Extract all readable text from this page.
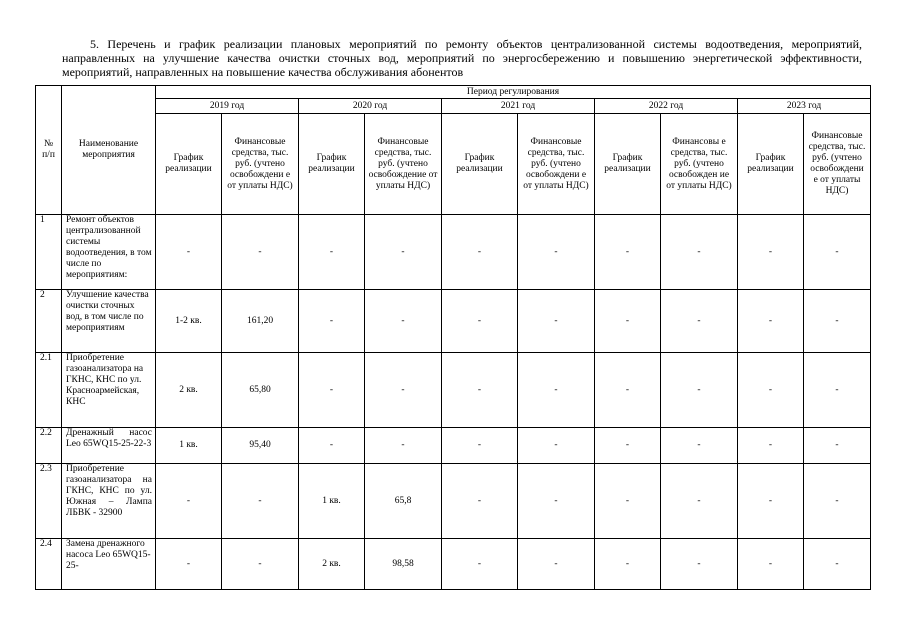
5. Перечень и график реализации плановых мероприятий по ремонту объектов централизованной системы водоотведения, мероприятий, направленных на улучшение качества очистки сточных вод, мероприятий по энергосбережению и повышению энергетической эффективности, мероприятий, направленных на повышение качества обслуживания абонентов
№ п/п	Наименование мероприятия	Период регулирования									
		2019 год		2020 год		2021 год		2022 год		2023 год	
		График реализации	Финансовые средства, тыс. руб. (учтено освобождени е от уплаты НДС)	График реализации	Финансовые средства, тыс. руб. (учтено освобождение от уплаты НДС)	График реализации	Финансовые средства, тыс. руб. (учтено освобождени е от уплаты НДС)	График реализации	Финансовы е средства, тыс. руб. (учтено освобожден ие от уплаты НДС)	График реализации	Финансовые средства, тыс. руб. (учтено освобождени е от уплаты НДС)
1	Ремонт объектов централизованной системы водоотведения, в том числе по мероприятиям:	-	-	-	-	-	-	-	-	-	-
2	Улучшение качества очистки сточных вод, в том числе по мероприятиям	1-2 кв.	161,20	-	-	-	-	-	-	-	-
2.1	Приобретение газоанализатора на ГКНС, КНС по ул. Красноармейская, КНС	2 кв.	65,80	-	-	-	-	-	-	-	-
2.2	Дренажный насос Leo 65WQ15-25-22-3	1 кв.	95,40	-	-	-	-	-	-	-	-
2.3	Приобретение газоанализатора на ГКНС, КНС по ул. Южная – Лампа ЛБВК - 32900	-	-	1 кв.	65,8	-	-	-	-	-	-
2.4	Замена дренажного насоса Leo 65WQ15-25-	-	-	2 кв.	98,58	-	-	-	-	-	-
